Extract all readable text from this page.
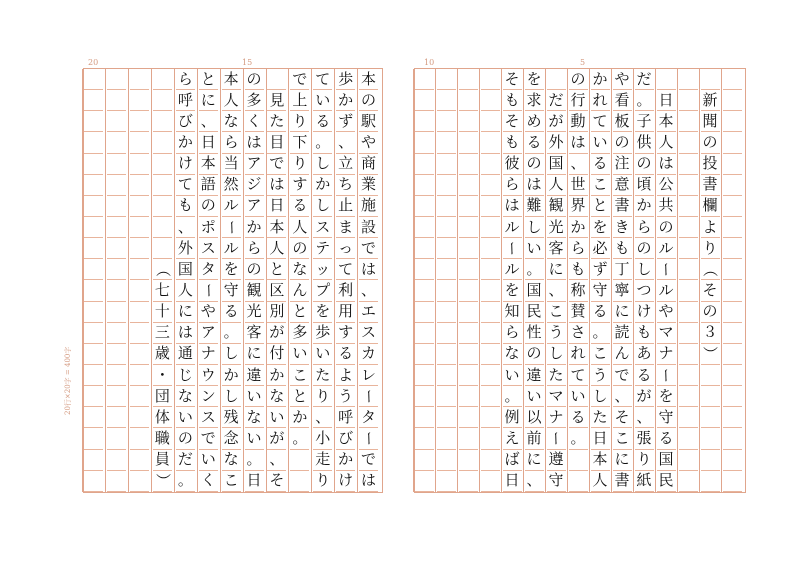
20	15	10	5
20行×20字 = 400字
新
聞
の
投
書
欄
よ
り
（
そ
の
３
）
日
本
人
は
公
共
の
ル
ー
ル
や
マ
ナ
ー
を
守
る
国
民
だ
。
子
供
の
頃
か
ら
の
し
つ
け
も
あ
る
が
、
張
り
紙
や
看
板
の
注
意
書
き
も
丁
寧
に
読
ん
で
、
そ
こ
に
書
か
れ
て
い
る
こ
と
を
必
ず
守
る
。
こ
う
し
た
日
本
人
の
行
動
は
、
世
界
か
ら
も
称
賛
さ
れ
て
い
る
。
だ
が
外
国
人
観
光
客
に
、
こ
う
し
た
マ
ナ
ー
遵
守
を
求
め
る
の
は
難
し
い
。
国
民
性
の
違
い
以
前
に
、
そ
も
そ
も
彼
ら
は
ル
ー
ル
を
知
ら
な
い
。
例
え
ば
日
本
の
駅
や
商
業
施
設
で
は
、
エ
ス
カ
レ
ー
タ
ー
で
は
歩
か
ず
、
立
ち
止
ま
っ
て
利
用
す
る
よ
う
呼
び
か
け
て
い
る
。
し
か
し
ス
テ
ッ
プ
を
歩
い
た
り
、
小
走
り
で
上
り
下
り
す
る
人
の
な
ん
と
多
い
こ
と
か
。
見
た
目
で
は
日
本
人
と
区
別
が
付
か
な
い
が
、
そ
の
多
く
は
ア
ジ
ア
か
ら
の
観
光
客
に
違
い
な
い
。
日
本
人
な
ら
当
然
ル
ー
ル
を
守
る
。
し
か
し
残
念
な
こ
と
に
、
日
本
語
の
ポ
ス
タ
ー
や
ア
ナ
ウ
ン
ス
で
い
く
ら
呼
び
か
け
て
も
、
外
国
人
に
は
通
じ
な
い
の
だ
。
（
七
十
三
歳
・
団
体
職
員
）
